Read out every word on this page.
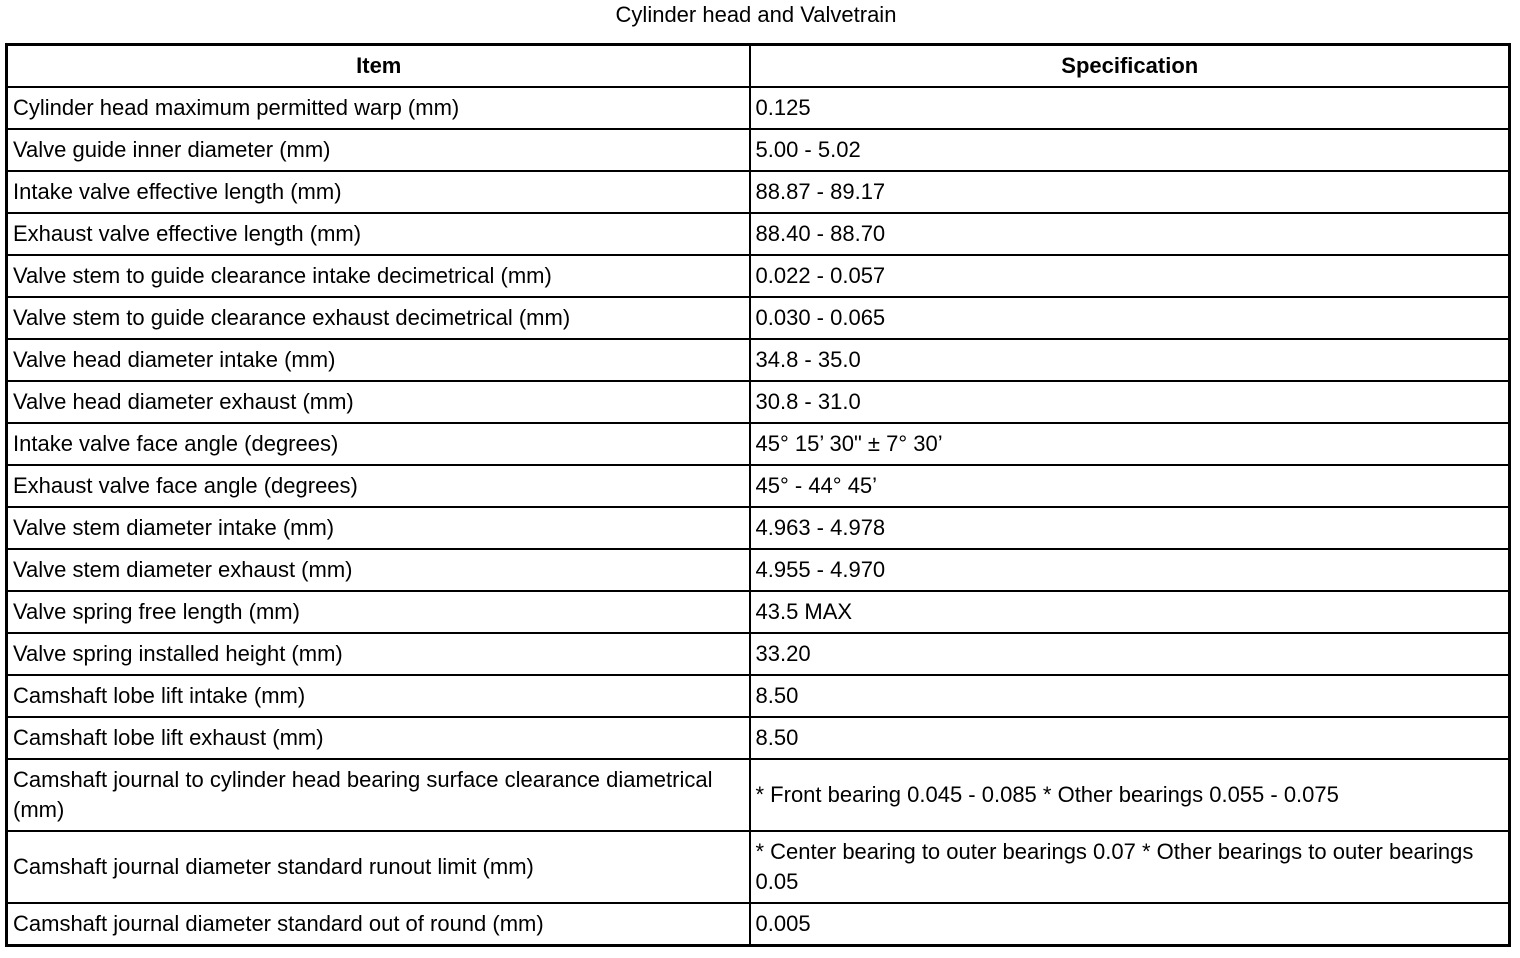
Cylinder head and Valvetrain
Item	Specification
Cylinder head maximum permitted warp (mm)	0.125
Valve guide inner diameter (mm)	5.00 - 5.02
Intake valve effective length (mm)	88.87 - 89.17
Exhaust valve effective length (mm)	88.40 - 88.70
Valve stem to guide clearance intake decimetrical (mm)	0.022 - 0.057
Valve stem to guide clearance exhaust decimetrical (mm)	0.030 - 0.065
Valve head diameter intake (mm)	34.8 - 35.0
Valve head diameter exhaust (mm)	30.8 - 31.0
Intake valve face angle (degrees)	45° 15’ 30" ± 7° 30’
Exhaust valve face angle (degrees)	45° - 44° 45’
Valve stem diameter intake (mm)	4.963 - 4.978
Valve stem diameter exhaust (mm)	4.955 - 4.970
Valve spring free length (mm)	43.5 MAX
Valve spring installed height (mm)	33.20
Camshaft lobe lift intake (mm)	8.50
Camshaft lobe lift exhaust (mm)	8.50
Camshaft journal to cylinder head bearing surface clearance diametrical (mm)	* Front bearing 0.045 - 0.085 * Other bearings 0.055 - 0.075
Camshaft journal diameter standard runout limit (mm)	* Center bearing to outer bearings 0.07 * Other bearings to outer bearings 0.05
Camshaft journal diameter standard out of round (mm)	0.005
